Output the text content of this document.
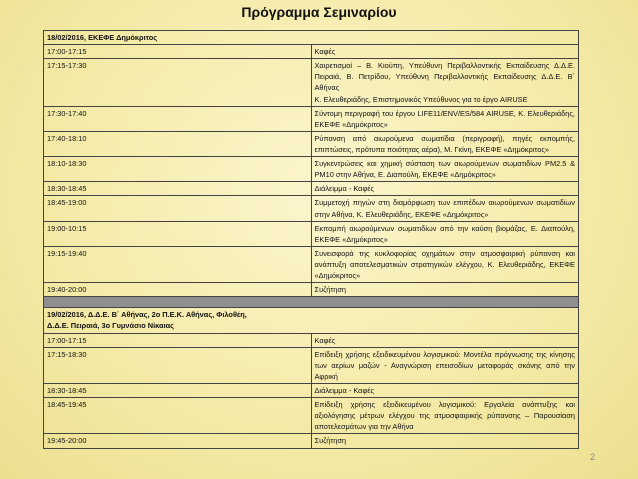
Πρόγραμμα Σεμιναρίου
18/02/2016, ΕΚΕΦΕ Δημόκριτος	
17:00-17:15	Καφές

17:15-17:30	Χαιρετισμοί – Β. Κιούπη, Υπεύθυνη Περιβαλλοντικής Εκπαίδευσης Δ.Δ.Ε. Πειραιά, Β. Πετρίδου, Υπεύθυνη Περιβαλλοντικής Εκπαίδευσης Δ.Δ.Ε. Β΄ Αθήνας

Κ. Ελευθεριάδης, Επιστημονικός Υπεύθυνος για το έργο AIRUSE

17:30-17:40	Σύντομη περιγραφή του έργου LIFE11/ENV/ES/584 AIRUSE, Κ. Ελευθεριάδης, ΕΚΕΦΕ «Δημόκριτος»

17:40-18:10	Ρύπανση από αιωρούμενα σωματίδια (περιγραφή), πηγές εκπομπής, επιπτώσεις, πρότυπα ποιότητας αέρα), Μ. Γκίνη, ΕΚΕΦΕ «Δημόκριτος»

18:10-18:30	Συγκεντρώσεις και χημική σύσταση των αιωρούμενων σωματιδίων PM2.5 & PM10 στην Αθήνα, Ε. Διαπούλη, ΕΚΕΦΕ «Δημόκριτος»

18:30-18:45	Διάλειμμα - Καφές

18:45-19:00	Συμμετοχή πηγών στη διαμόρφωση των επιπέδων αιωρούμενων σωματιδίων στην Αθήνα, Κ. Ελευθεριάδης, ΕΚΕΦΕ «Δημόκριτος»

19:00-10:15	Εκπομπή αιωρούμενων σωματιδίων από την καύση βιομάζας, Ε. Διαπούλη, ΕΚΕΦΕ «Δημόκριτος»

19:15-19:40	Συνεισφορά της κυκλοφορίας οχημάτων στην ατμοσφαιρική ρύπανση και ανάπτυξη αποτελεσματικών στρατηγικών ελέγχου, Κ. Ελευθεριάδης, ΕΚΕΦΕ «Δημόκριτος»

19:40-20:00	Συζήτηση

19/02/2016, Δ.Δ.Ε. Β΄ Αθήνας, 2ο Π.Ε.Κ. Αθήνας, Φιλοθέη,
Δ.Δ.Ε. Πειραιά, 3ο Γυμνάσιο Νίκαιας	

17:00-17:15	Καφές

17:15-18:30	Επίδειξη χρήσης εξειδικευμένου λογισμικού: Μοντέλα πρόγνωσης της κίνησης των αερίων μαζών - Αναγνώριση επεισοδίων μεταφοράς σκόνης από την Αφρική

18:30-18:45	Διάλειμμα - Καφές

18:45-19:45	Επίδειξη χρήσης εξειδικευμένου λογισμικού: Εργαλεία ανάπτυξης και αξιολόγησης μέτρων ελέγχου της ατμοσφαιρικής ρύπανσης – Παρουσίαση αποτελεσμάτων για την Αθήνα

19:45-20:00	Συζήτηση

2
